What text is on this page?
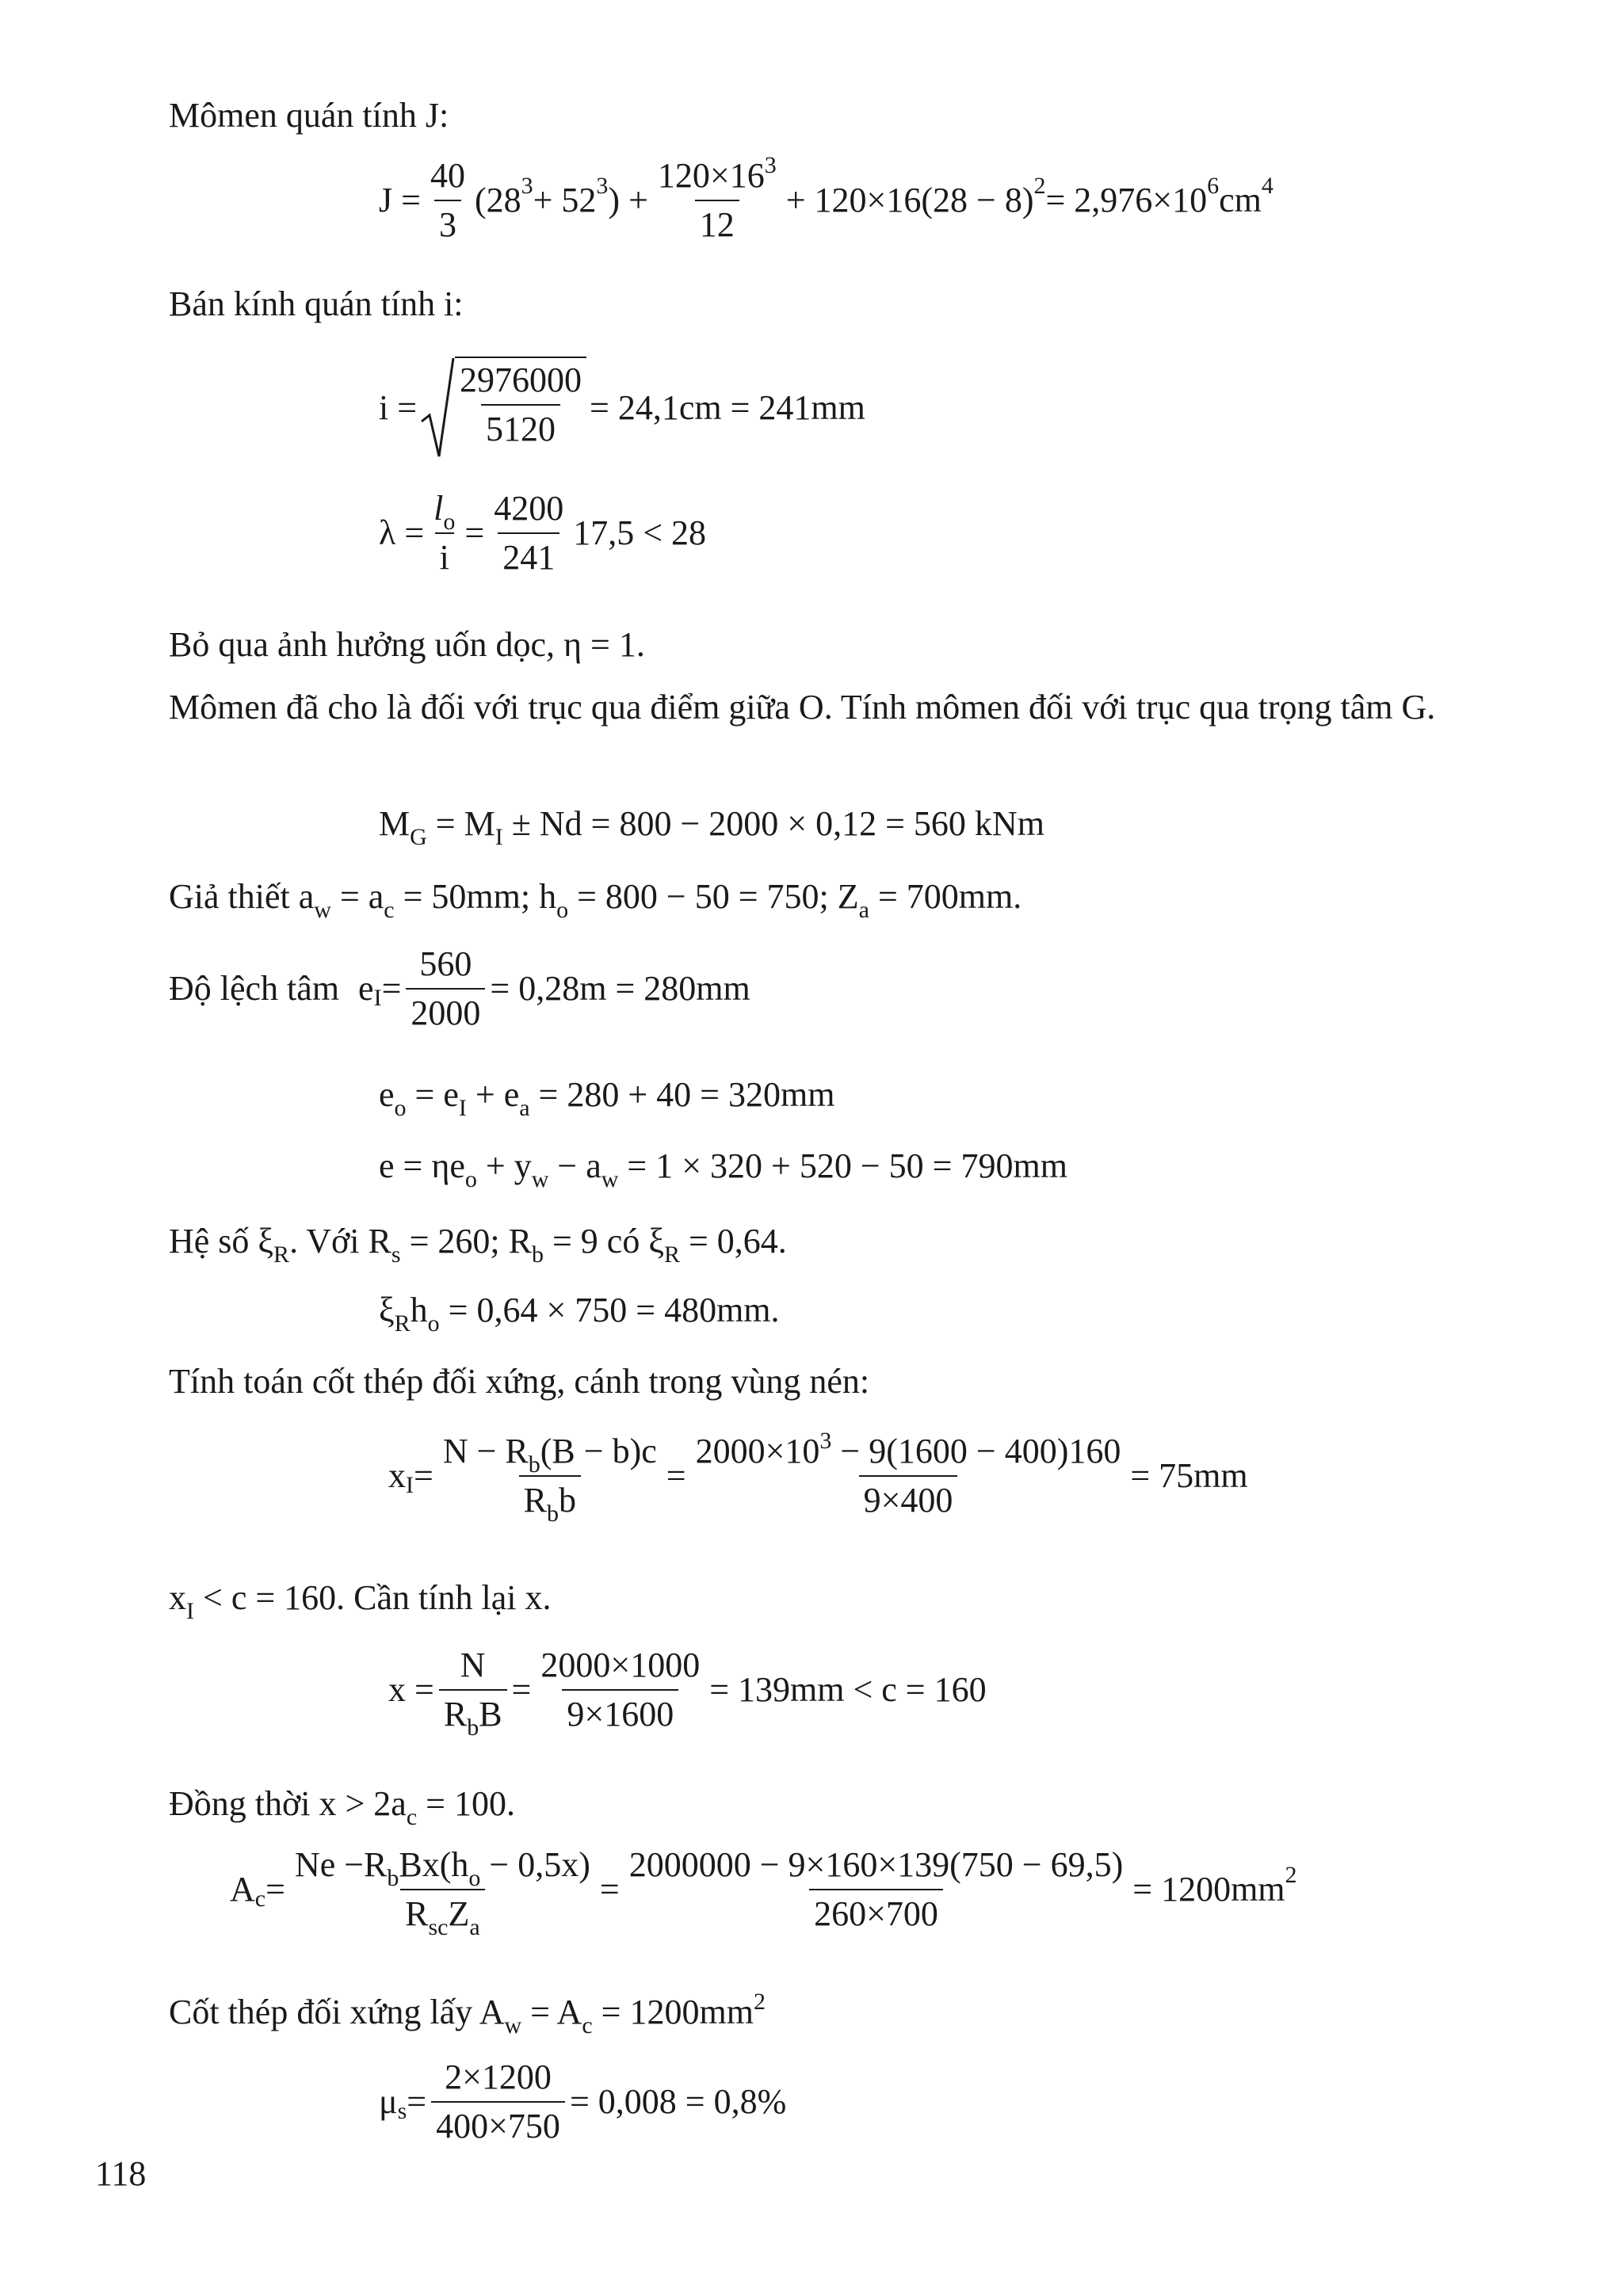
Mômen quán tính J:
$J = \frac{40}{3} (28$ 3 + 52 3 ) + $\frac{120\times 16^3}{12} + 120\times 16(28 - 8) 2 = 2,976\times 10$ 6 cm 4
Bán kính quán tính i:
$i = \frac{2976000}{5120} = 24,1cm = 241mm$
$\lambda = \frac{l_o}{i} = \frac{4200}{241} 17,5 < 28$
Bỏ qua ảnh hưởng uốn dọc, η = 1.
Mômen đã cho là đối với trục qua điểm giữa O. Tính mômen đối với trục qua trọng tâm G.
$M_G = M_I \pm Nd = 800 - 2000 \times 0,12 = 560$ kNm
Giả thiết $a_w = a_c = 50mm$; $h_o = 800 - 50 = 750$; $Z_a = 700mm$.
Độ lệch tâm e $I = \frac{560}{2000} = 0,28m = 280mm$
$e_o = e_I + e_a = 280 + 40 = 320mm$
$e = \eta e_o + y_w - a_w = 1 \times 320 + 520 - 50 = 790mm$
Hệ số $\xi_R$. Với $R_s = 260$; $R_b = 9$ có $\xi_R = 0,64$.
$\xi_Rh_o = 0,64 \times 750 = 480mm$.
Tính toán cốt thép đối xứng, cánh trong vùng nén:
x $I = \frac{N - R_b(B - b)c}{R_bb} = \frac{2000\times 10^3 - 9(1600 - 400)160}{9\times 400} = 75mm$
$x_I < c = 160$. Cần tính lại x.
$x = \frac{N}{R_bB} = \frac{2000\times 1000}{9\times 1600} = 139mm < c = 160$
Đồng thời $x > 2a_c = 100$.
A $c = \frac{Ne -R_bBx(h_o - 0,5x)}{R_{sc}Z_a} = \frac{2000000 - 9\times 160\times 139(750 - 69,5)}{260\times 700} = 1200mm$ 2
Cốt thép đối xứng lấy $A_w = A_c = 1200mm^2$
μ $s = \frac{2\times 1200}{400\times 750} = 0,008 = 0,8\%$
118
